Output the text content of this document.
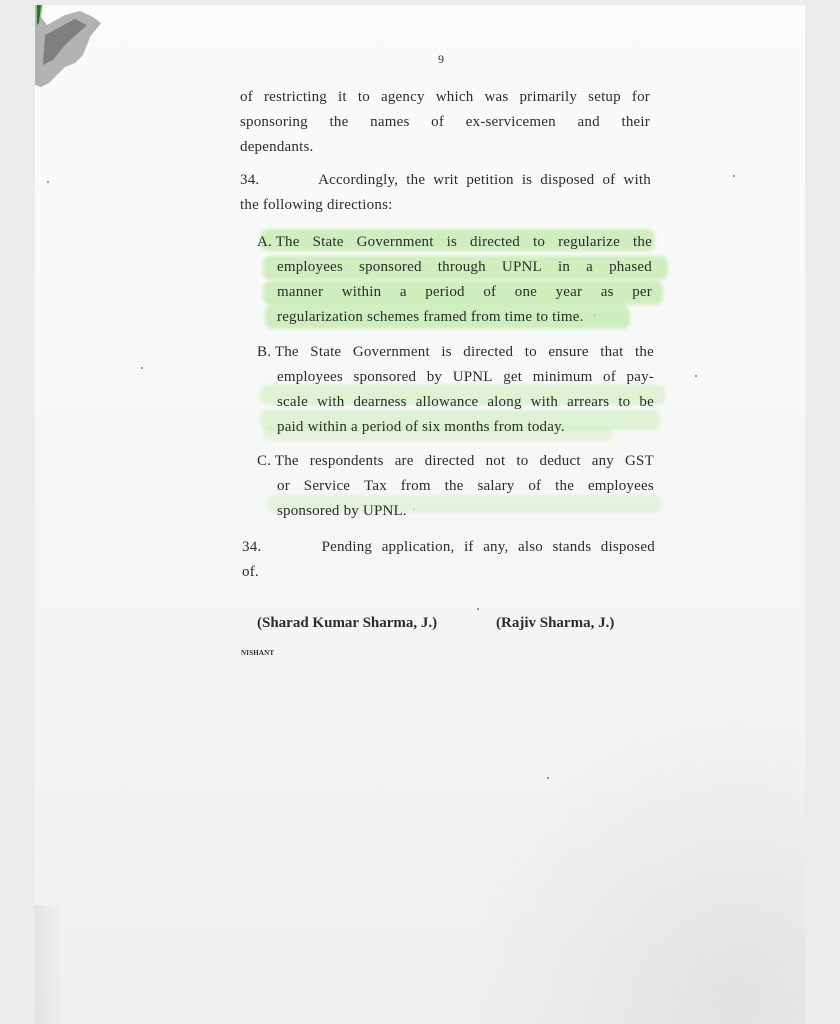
9
of restricting it to agency which was primarily setup for
sponsoring the names of ex-servicemen and their
dependants.
34.	Accordingly, the writ petition is disposed of with
the following directions:
A. The State Government is directed to regularize the
employees sponsored through UPNL in a phased
manner within a period of one year as per
regularization schemes framed from time to time. ′
B. The State Government is directed to ensure that the
employees sponsored by UPNL get minimum of pay-
scale with dearness allowance along with arrears to be
paid within a period of six months from today.
C. The respondents are directed not to deduct any GST
or Service Tax from the salary of the employees
sponsored by UPNL. ′
34.	Pending application, if any, also stands disposed
of.
(Sharad Kumar Sharma, J.)	(Rajiv Sharma, J.)
NISHANT
